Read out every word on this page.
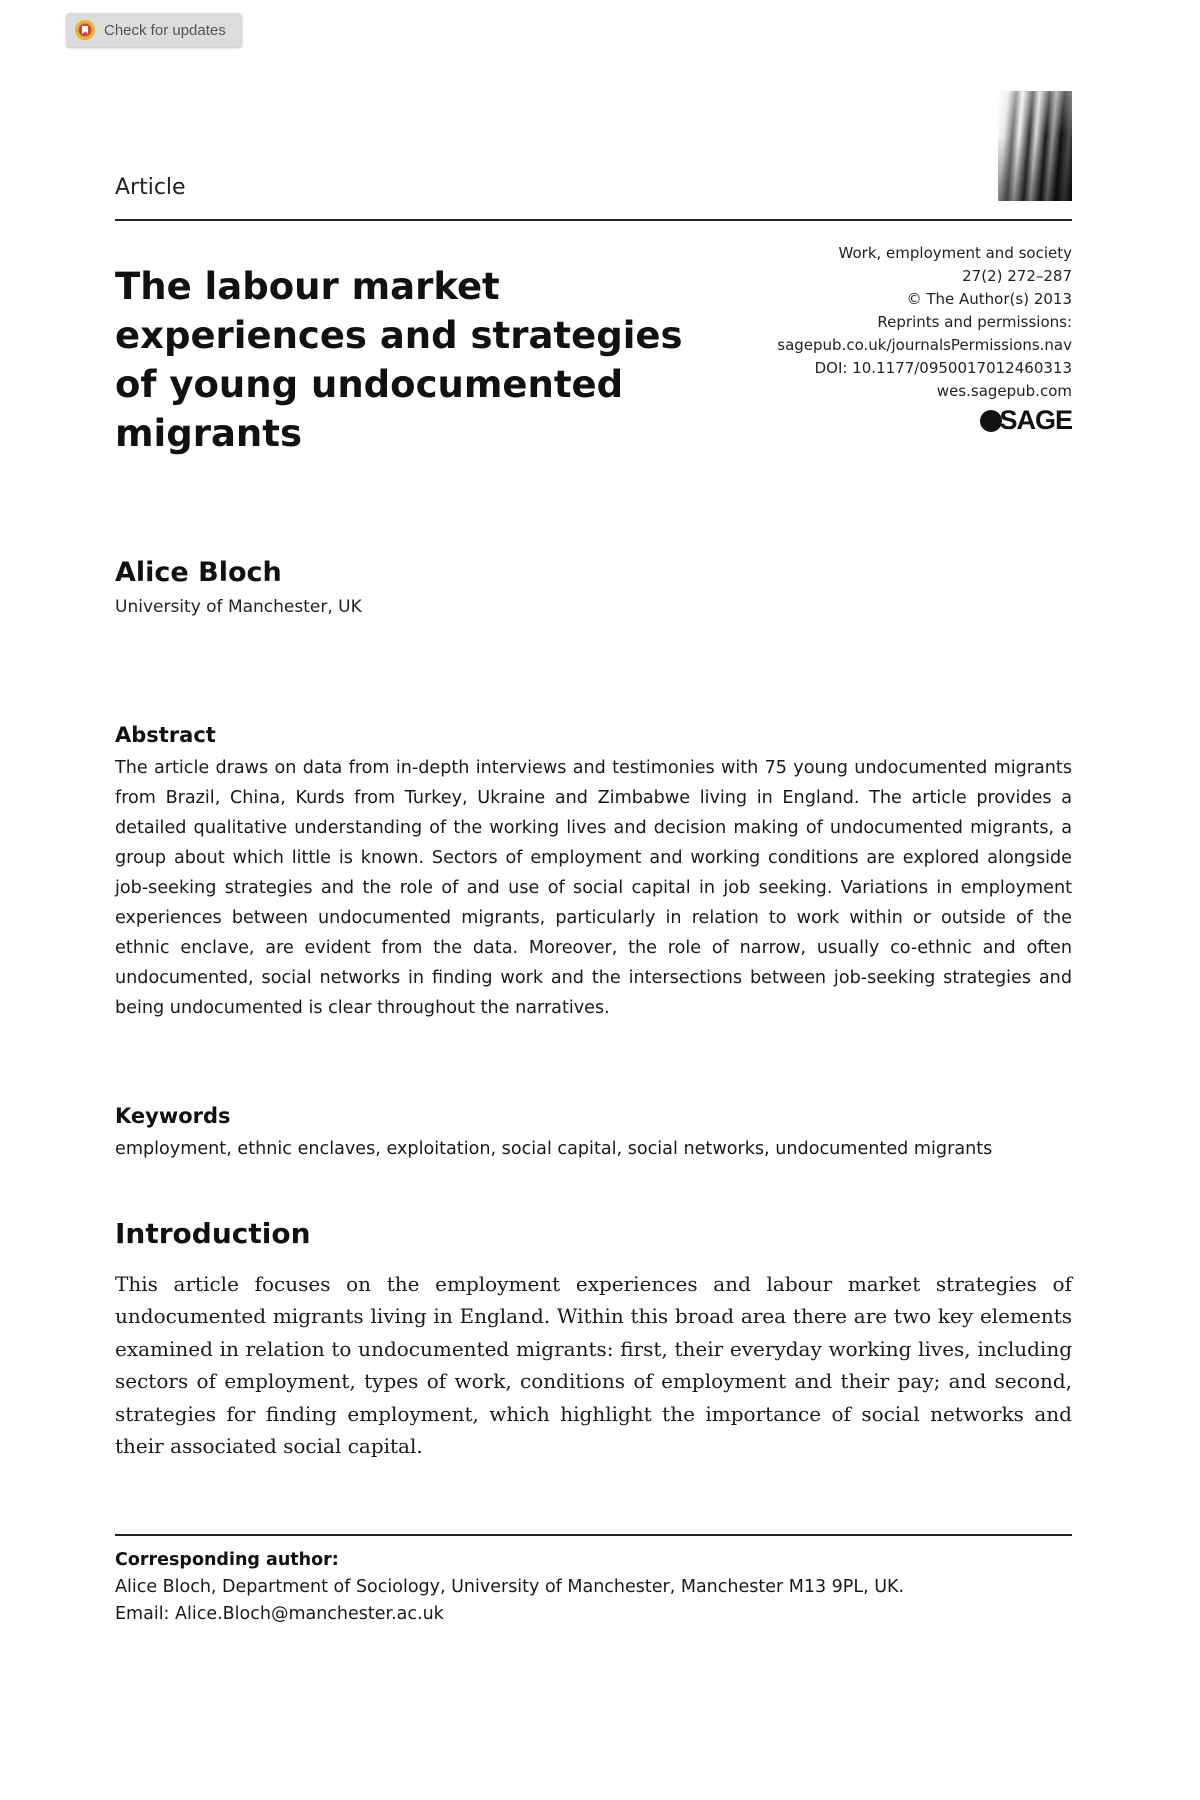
Check for updates
Article
The labour market experiences and strategies of young undocumented migrants
Work, employment and society
27(2) 272–287
© The Author(s) 2013
Reprints and permissions:
sagepub.co.uk/journalsPermissions.nav
DOI: 10.1177/0950017012460313
wes.sagepub.com
SAGE
Alice Bloch
University of Manchester, UK
Abstract

The article draws on data from in-depth interviews and testimonies with 75 young undocumented migrants from Brazil, China, Kurds from Turkey, Ukraine and Zimbabwe living in England. The article provides a detailed qualitative understanding of the working lives and decision making of undocumented migrants, a group about which little is known. Sectors of employment and working conditions are explored alongside job-seeking strategies and the role of and use of social capital in job seeking. Variations in employment experiences between undocumented migrants, particularly in relation to work within or outside of the ethnic enclave, are evident from the data. Moreover, the role of narrow, usually co-ethnic and often undocumented, social networks in finding work and the intersections between job-seeking strategies and being undocumented is clear throughout the narratives.

Keywords

employment, ethnic enclaves, exploitation, social capital, social networks, undocumented migrants

Introduction

This article focuses on the employment experiences and labour market strategies of undocumented migrants living in England. Within this broad area there are two key elements examined in relation to undocumented migrants: first, their everyday working lives, including sectors of employment, types of work, conditions of employment and their pay; and second, strategies for finding employment, which highlight the importance of social networks and their associated social capital.

Corresponding author:
Alice Bloch, Department of Sociology, University of Manchester, Manchester M13 9PL, UK.
Email: Alice.Bloch@manchester.ac.uk
